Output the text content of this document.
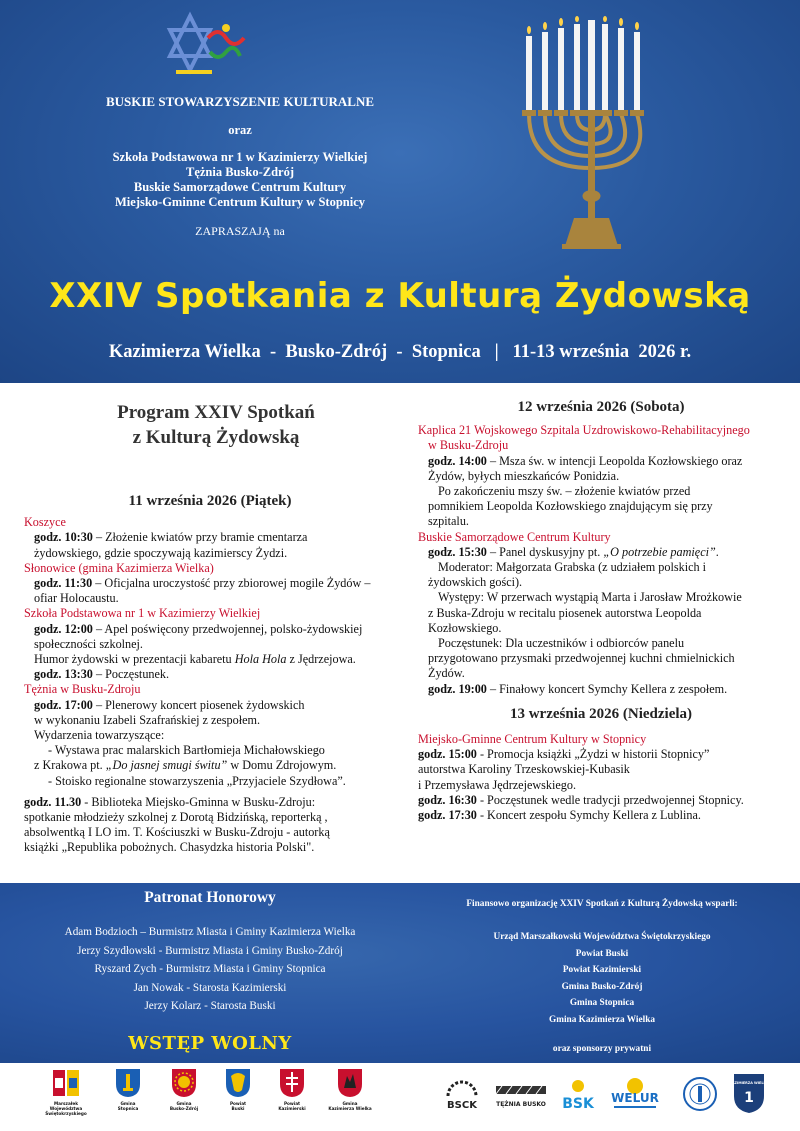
BUSKIE STOWARZYSZENIE KULTURALNE
oraz
Szkoła Podstawowa nr 1 w Kazimierzy Wielkiej
Tężnia Busko-Zdrój
Buskie Samorządowe Centrum Kultury
Miejsko-Gminne Centrum Kultury w Stopnicy
ZAPRASZAJĄ na
XXIV Spotkania z Kulturą Żydowską
Kazimierza Wielka  -  Busko-Zdrój  -  Stopnica   |   11-13 września  2026 r.
Program XXIV Spotkań
z Kulturą Żydowską
11 września 2026 (Piątek)
Koszyce
godz. 10:30 – Złożenie kwiatów przy bramie cmentarza
żydowskiego, gdzie spoczywają kazimierscy Żydzi.
Słonowice (gmina Kazimierza Wielka)
godz. 11:30 – Oficjalna uroczystość przy zbiorowej mogile Żydów –
ofiar Holocaustu.
Szkoła Podstawowa nr 1 w Kazimierzy Wielkiej
godz. 12:00 – Apel poświęcony przedwojennej, polsko-żydowskiej
społeczności szkolnej.
Humor żydowski w prezentacji kabaretu Hola Hola z Jędrzejowa.
godz. 13:30 – Poczęstunek.
Tężnia w Busku-Zdroju
godz. 17:00 – Plenerowy koncert piosenek żydowskich
w wykonaniu Izabeli Szafrańskiej z zespołem.
Wydarzenia towarzyszące:
- Wystawa prac malarskich Bartłomieja Michałowskiego
z Krakowa pt. „Do jasnej smugi świtu” w Domu Zdrojowym.
- Stoisko regionalne stowarzyszenia „Przyjaciele Szydłowa”.
godz. 11.30 - Biblioteka Miejsko-Gminna w Busku-Zdroju:
spotkanie młodzieży szkolnej z Dorotą Bidzińską, reporterką ,
absolwentką I LO im. T. Kościuszki w Busku-Zdroju - autorką
książki „Republika pobożnych. Chasydzka historia Polski".
12 września 2026 (Sobota)
Kaplica 21 Wojskowego Szpitala Uzdrowiskowo-Rehabilitacyjnego
w Busku-Zdroju
godz. 14:00 – Msza św. w intencji Leopolda Kozłowskiego oraz
Żydów, byłych mieszkańców Ponidzia.
Po zakończeniu mszy św. – złożenie kwiatów przed
pomnikiem Leopolda Kozłowskiego znajdującym się przy
szpitalu.
Buskie Samorządowe Centrum Kultury
godz. 15:30 – Panel dyskusyjny pt. „O potrzebie pamięci”.
Moderator: Małgorzata Grabska (z udziałem polskich i
żydowskich gości).
Występy: W przerwach wystąpią Marta i Jarosław Mrożkowie
z Buska-Zdroju w recitalu piosenek autorstwa Leopolda
Kozłowskiego.
Poczęstunek: Dla uczestników i odbiorców panelu
przygotowano przysmaki przedwojennej kuchni chmielnickich
Żydów.
godz. 19:00 – Finałowy koncert Symchy Kellera z zespołem.
13 września 2026 (Niedziela)
Miejsko-Gminne Centrum Kultury w Stopnicy
godz. 15:00 - Promocja książki „Żydzi w historii Stopnicy”
autorstwa Karoliny Trzeskowskiej-Kubasik
i Przemysława Jędrzejewskiego.
godz. 16:30 - Poczęstunek wedle tradycji przedwojennej Stopnicy.
godz. 17:30 - Koncert zespołu Symchy Kellera z Lublina.
Patronat Honorowy
Adam Bodzioch – Burmistrz Miasta i Gminy Kazimierza Wielka
Jerzy Szydłowski - Burmistrz Miasta i Gminy Busko-Zdrój
Ryszard Zych - Burmistrz Miasta i Gminy Stopnica
Jan Nowak - Starosta Kazimierski
Jerzy Kolarz - Starosta Buski
WSTĘP WOLNY
Finansowo organizację XXIV Spotkań z Kulturą Żydowską wsparli:
Urząd Marszałkowski Województwa Świętokrzyskiego
Powiat Buski
Powiat Kazimierski
Gmina Busko-Zdrój
Gmina Stopnica
Gmina Kazimierza Wielka
oraz sponsorzy prywatni
Marszałek Województwa
Świętokrzyskiego
Gmina
Stopnica
Gmina
Busko-Zdrój
Powiat
Buski
Powiat
Kazimierski
Gmina
Kazimierza Wielka	BSCK	TĘŻNIA BUSKO BSK WELUR
KAZIMIERZA WIELKA
1
